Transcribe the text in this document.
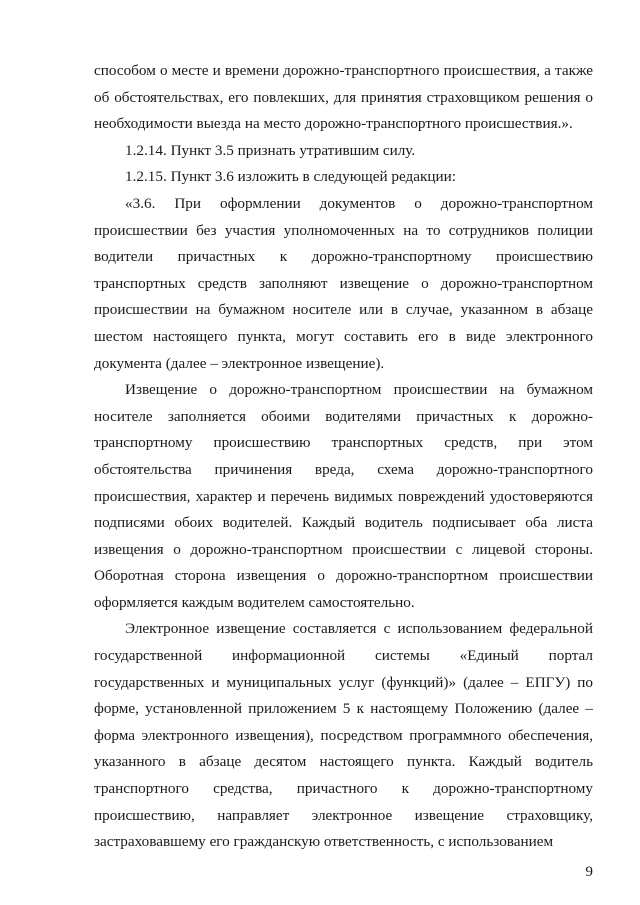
способом о месте и времени дорожно-транспортного происшествия, а также об обстоятельствах, его повлекших, для принятия страховщиком решения о необходимости выезда на место дорожно-транспортного происшествия.».

1.2.14. Пункт 3.5 признать утратившим силу.

1.2.15. Пункт 3.6 изложить в следующей редакции:

«3.6. При оформлении документов о дорожно-транспортном происшествии без участия уполномоченных на то сотрудников полиции водители причастных к дорожно-транспортному происшествию транспортных средств заполняют извещение о дорожно-транспортном происшествии на бумажном носителе или в случае, указанном в абзаце шестом настоящего пункта, могут составить его в виде электронного документа (далее – электронное извещение).

Извещение о дорожно-транспортном происшествии на бумажном носителе заполняется обоими водителями причастных к дорожно-транспортному происшествию транспортных средств, при этом обстоятельства причинения вреда, схема дорожно-транспортного происшествия, характер и перечень видимых повреждений удостоверяются подписями обоих водителей. Каждый водитель подписывает оба листа извещения о дорожно-транспортном происшествии с лицевой стороны. Оборотная сторона извещения о дорожно-транспортном происшествии оформляется каждым водителем самостоятельно.

Электронное извещение составляется с использованием федеральной государственной информационной системы «Единый портал государственных и муниципальных услуг (функций)» (далее – ЕПГУ) по форме, установленной приложением 5 к настоящему Положению (далее – форма электронного извещения), посредством программного обеспечения, указанного в абзаце десятом настоящего пункта. Каждый водитель транспортного средства, причастного к дорожно-транспортному происшествию, направляет электронное извещение страховщику, застраховавшему его гражданскую ответственность, с использованием

9
